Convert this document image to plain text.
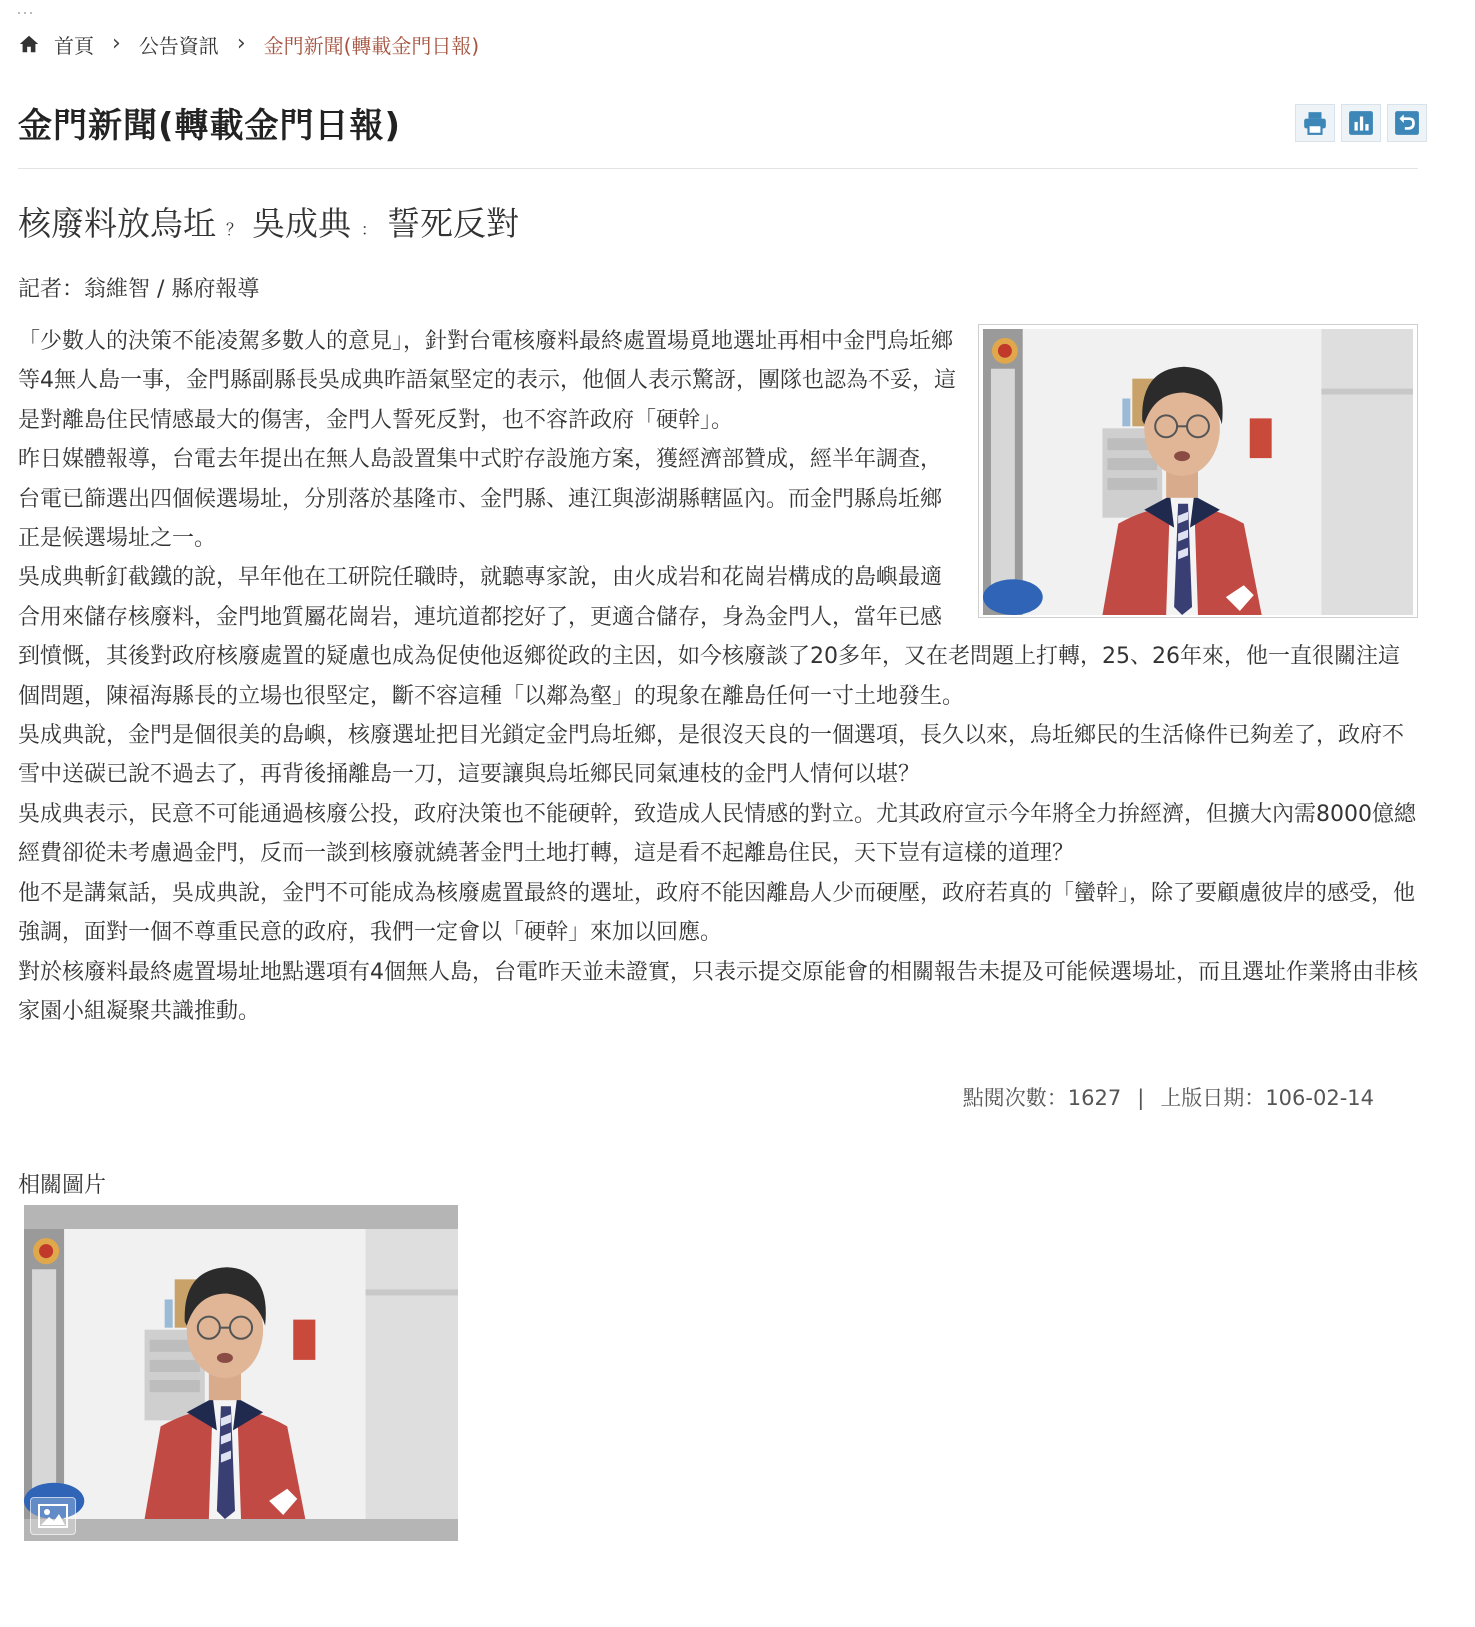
首頁 › 公告資訊 › 金門新聞(轉載金門日報)
金門新聞(轉載金門日報)
核廢料放烏坵 ？ 吳成典 ： 誓死反對
記者：翁維智 / 縣府報導

「少數人的決策不能凌駕多數人的意見」，針對台電核廢料最終處置場覓地選址再相中金門烏坵鄉等4無人島一事，金門縣副縣長吳成典昨語氣堅定的表示，他個人表示驚訝，團隊也認為不妥，這是對離島住民情感最大的傷害，金門人誓死反對，也不容許政府「硬幹」。

昨日媒體報導，台電去年提出在無人島設置集中式貯存設施方案，獲經濟部贊成，經半年調查，台電已篩選出四個候選場址，分別落於基隆市、金門縣、連江與澎湖縣轄區內。而金門縣烏坵鄉正是候選場址之一。

吳成典斬釘截鐵的說，早年他在工研院任職時，就聽專家說，由火成岩和花崗岩構成的島嶼最適合用來儲存核廢料，金門地質屬花崗岩，連坑道都挖好了，更適合儲存，身為金門人，當年已感到憤慨，其後對政府核廢處置的疑慮也成為促使他返鄉從政的主因，如今核廢談了20多年，又在老問題上打轉，25、26年來，他一直很關注這個問題，陳福海縣長的立場也很堅定，斷不容這種「以鄰為壑」的現象在離島任何一寸土地發生。

吳成典說，金門是個很美的島嶼，核廢選址把目光鎖定金門烏坵鄉，是很沒天良的一個選項，長久以來，烏坵鄉民的生活條件已夠差了，政府不雪中送碳已說不過去了，再背後捅離島一刀，這要讓與烏坵鄉民同氣連枝的金門人情何以堪？

吳成典表示，民意不可能通過核廢公投，政府決策也不能硬幹，致造成人民情感的對立。尤其政府宣示今年將全力拚經濟，但擴大內需8000億總經費卻從未考慮過金門，反而一談到核廢就繞著金門土地打轉，這是看不起離島住民，天下豈有這樣的道理？

他不是講氣話，吳成典說，金門不可能成為核廢處置最終的選址，政府不能因離島人少而硬壓，政府若真的「蠻幹」，除了要顧慮彼岸的感受，他強調，面對一個不尊重民意的政府，我們一定會以「硬幹」來加以回應。

對於核廢料最終處置場址地點選項有4個無人島，台電昨天並未證實，只表示提交原能會的相關報告未提及可能候選場址，而且選址作業將由非核家園小組凝聚共識推動。

點閱次數：1627 | 上版日期：106-02-14
相關圖片
